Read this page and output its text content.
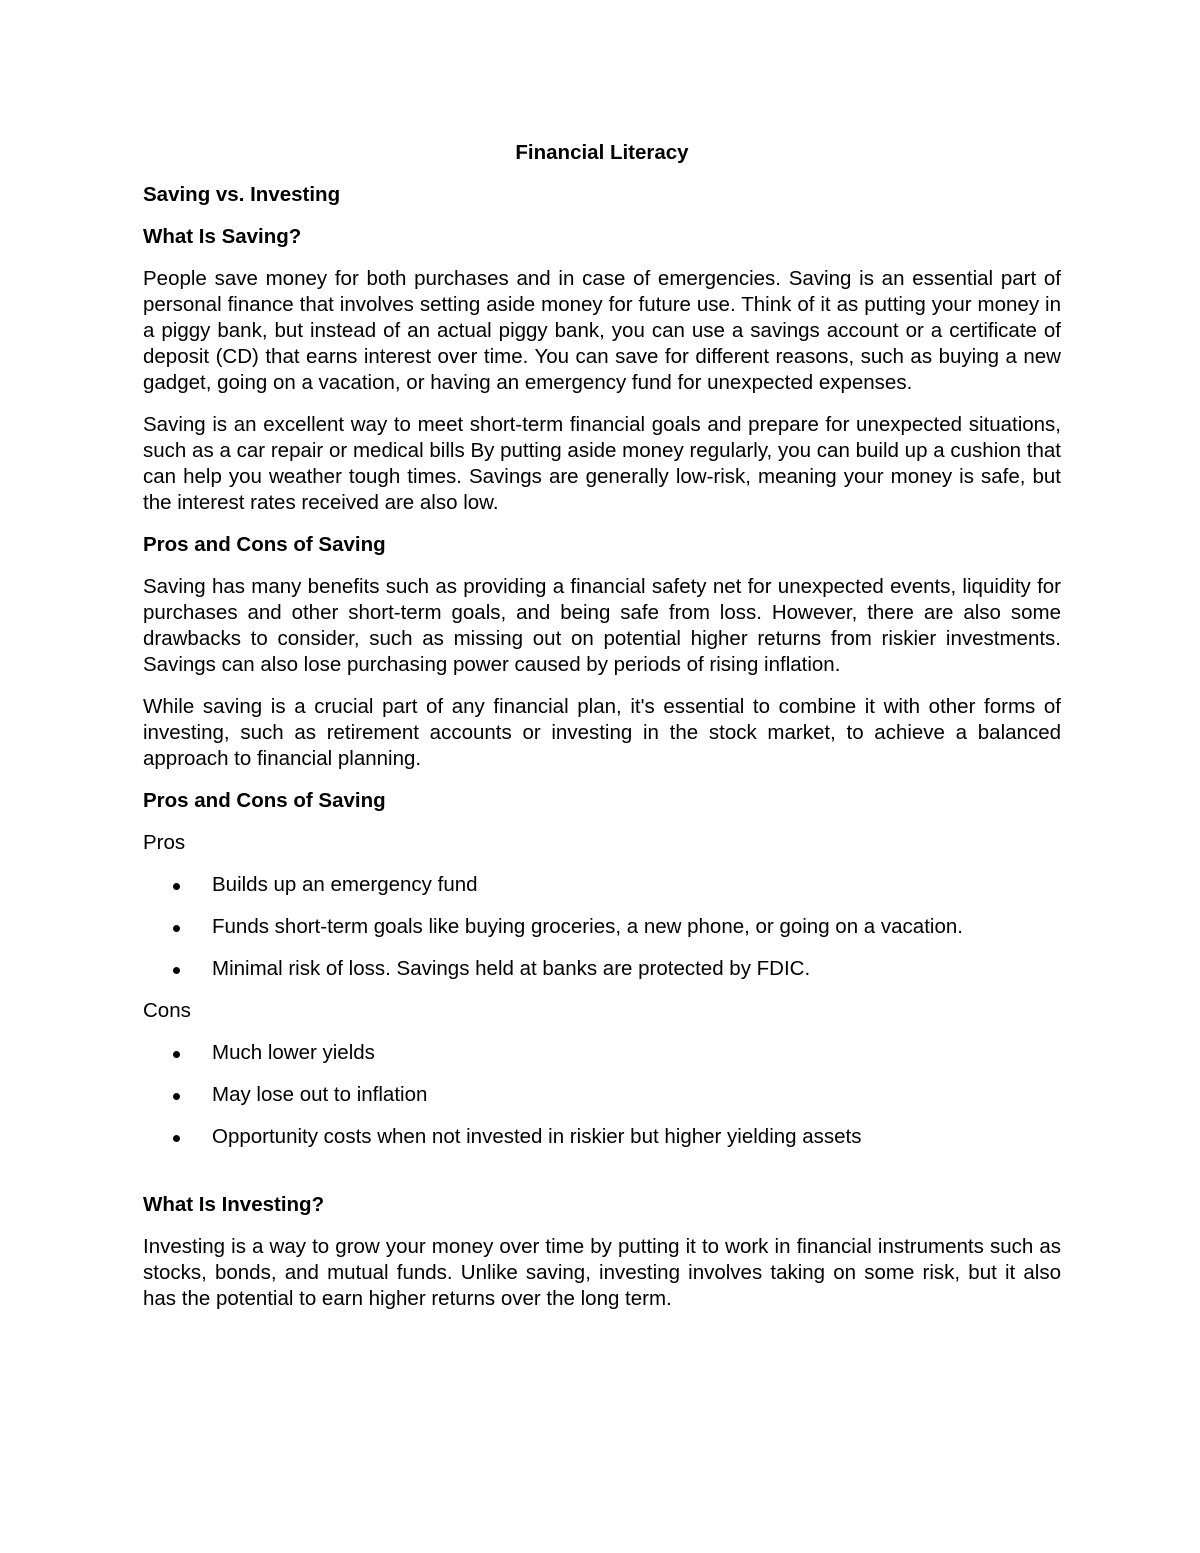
Financial Literacy
Saving vs. Investing
What Is Saving?

People save money for both purchases and in case of emergencies. Saving is an essential part of personal finance that involves setting aside money for future use. Think of it as putting your money in a piggy bank, but instead of an actual piggy bank, you can use a savings account or a certificate of deposit (CD) that earns interest over time. You can save for different reasons, such as buying a new gadget, going on a vacation, or having an emergency fund for unexpected expenses.

Saving is an excellent way to meet short-term financial goals and prepare for unexpected situations, such as a car repair or medical bills By putting aside money regularly, you can build up a cushion that can help you weather tough times. Savings are generally low-risk, meaning your money is safe, but the interest rates received are also low.

Pros and Cons of Saving

Saving has many benefits such as providing a financial safety net for unexpected events, liquidity for purchases and other short-term goals, and being safe from loss. However, there are also some drawbacks to consider, such as missing out on potential higher returns from riskier investments. Savings can also lose purchasing power caused by periods of rising inflation.

While saving is a crucial part of any financial plan, it's essential to combine it with other forms of investing, such as retirement accounts or investing in the stock market, to achieve a balanced approach to financial planning.

Pros and Cons of Saving
Pros
Builds up an emergency fund
Funds short-term goals like buying groceries, a new phone, or going on a vacation.
Minimal risk of loss. Savings held at banks are protected by FDIC.
Cons
Much lower yields
May lose out to inflation
Opportunity costs when not invested in riskier but higher yielding assets
What Is Investing?

Investing is a way to grow your money over time by putting it to work in financial instruments such as stocks, bonds, and mutual funds. Unlike saving, investing involves taking on some risk, but it also has the potential to earn higher returns over the long term.
